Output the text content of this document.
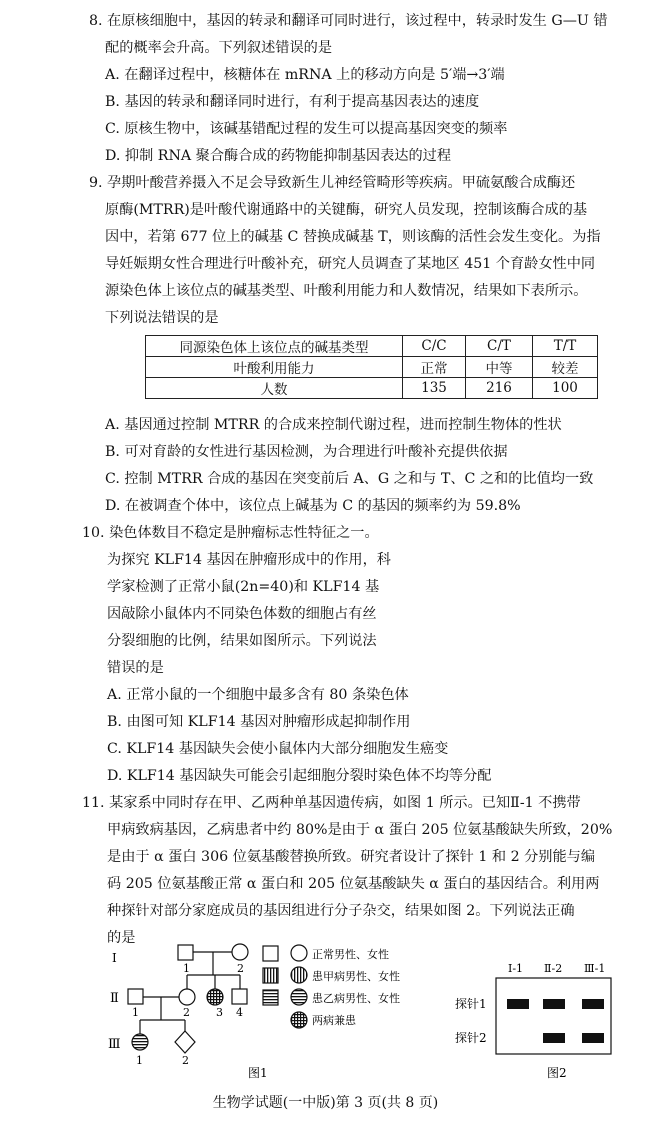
8. 在原核细胞中，基因的转录和翻译可同时进行，该过程中，转录时发生 G—U 错
配的概率会升高。下列叙述错误的是
A. 在翻译过程中，核糖体在 mRNA 上的移动方向是 5′端→3′端
B. 基因的转录和翻译同时进行，有利于提高基因表达的速度
C. 原核生物中，该碱基错配过程的发生可以提高基因突变的频率
D. 抑制 RNA 聚合酶合成的药物能抑制基因表达的过程
9. 孕期叶酸营养摄入不足会导致新生儿神经管畸形等疾病。甲硫氨酸合成酶还
原酶(MTRR)是叶酸代谢通路中的关键酶，研究人员发现，控制该酶合成的基
因中，若第 677 位上的碱基 C 替换成碱基 T，则该酶的活性会发生变化。为指
导妊娠期女性合理进行叶酸补充，研究人员调查了某地区 451 个育龄女性中同
源染色体上该位点的碱基类型、叶酸利用能力和人数情况，结果如下表所示。
下列说法错误的是
同源染色体上该位点的碱基类型	C/C	C/T	T/T
叶酸利用能力	正常	中等	较差
人数	135	216	100
A. 基因通过控制 MTRR 的合成来控制代谢过程，进而控制生物体的性状
B. 可对育龄的女性进行基因检测，为合理进行叶酸补充提供依据
C. 控制 MTRR 合成的基因在突变前后 A、G 之和与 T、C 之和的比值均一致
D. 在被调查个体中，该位点上碱基为 C 的基因的频率约为 59.8%
10. 染色体数目不稳定是肿瘤标志性特征之一。
为探究 KLF14 基因在肿瘤形成中的作用，科
学家检测了正常小鼠(2n=40)和 KLF14 基
因敲除小鼠体内不同染色体数的细胞占有丝
分裂细胞的比例，结果如图所示。下列说法
错误的是
A. 正常小鼠的一个细胞中最多含有 80 条染色体
B. 由图可知 KLF14 基因对肿瘤形成起抑制作用
C. KLF14 基因缺失会使小鼠体内大部分细胞发生癌变
D. KLF14 基因缺失可能会引起细胞分裂时染色体不均等分配
11. 某家系中同时存在甲、乙两种单基因遗传病，如图 1 所示。已知Ⅱ-1 不携带
甲病致病基因，乙病患者中约 80%是由于 α 蛋白 205 位氨基酸缺失所致，20%
是由于 α 蛋白 306 位氨基酸替换所致。研究者设计了探针 1 和 2 分别能与编
码 205 位氨基酸正常 α 蛋白和 205 位氨基酸缺失 α 蛋白的基因结合。利用两
种探针对部分家庭成员的基因组进行分子杂交，结果如图 2。下列说法正确
的是
Ⅰ
Ⅱ
Ⅲ
1	2
1	2 3 4
1	2
正常男性、女性
患甲病男性、女性
患乙病男性、女性
两病兼患
图1
Ⅰ-1 Ⅱ-2 Ⅲ-1
探针1
探针2
图2
生物学试题(一中版)第 3 页(共 8 页)
